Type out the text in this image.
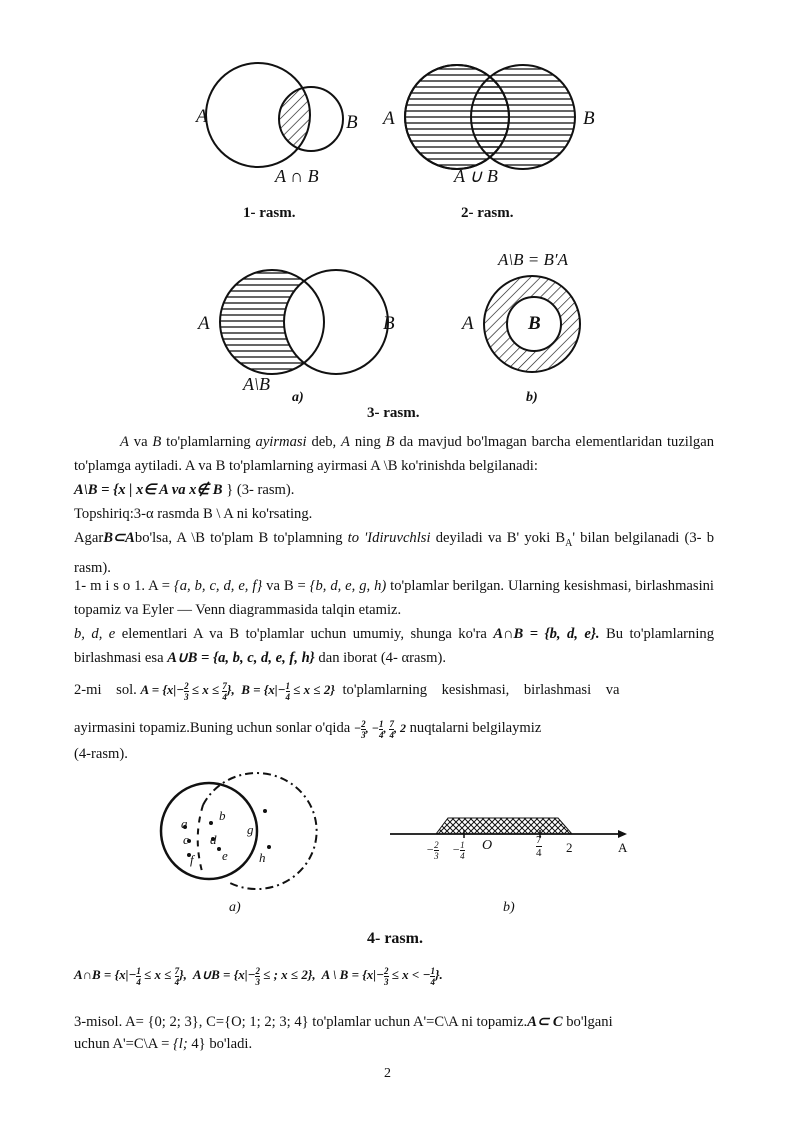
A	B
A ∩ B
1- rasm.
A	B
A ∪ B
2- rasm.
A	B
A\B
a)
A\B = B′A
A	B
b)
3- rasm.
A va B to'plamlarning ayirmasi deb, A ning B da mavjud bo'lmagan barcha elementlaridan tuzilgan to'plamga aytiladi. A va B to'plamlarning ayirmasi A \B ko'rinishda belgilanadi:
A\B = {x | x∈ A va x∉ B } (3- rasm).
Topshiriq:3-α rasmda B \ A ni ko'rsating.
AgarB⊂Abo'lsa, A \B to'plam B to'plamning to 'Idiruvchlsi deyiladi va B' yoki $B_A'$ bilan belgilanadi (3- b rasm).
1- m i s o 1. A = {a, b, c, d, e, f} va B = {b, d, e, g, h) to'plamlar berilgan. Ularning kesishmasi, birlashmasini topamiz va Eyler — Venn diagrammasida talqin etamiz.
b, d, e elementlari A va B to'plamlar uchun umumiy, shunga ko'ra A∩B = {b, d, e}. Bu to'plamlarning birlashmasi esa A∪B = {a, b, c, d, e, f, h} dan iborat (4- αrasm).
2-mi    sol. $A = \{x|- \frac{2}{3} \le x \le \frac{7}{4}$ },  $B = \{x|- \frac{1}{4} \le x \le 2\}$ to'plamlarning    kesishmasi,    birlashmasi    va
ayirmasini topamiz.Buning uchun sonlar o'qida − $\frac{2}{3}$ , − $\frac{1}{4}$ , $\frac{7}{4}$ , 2 nuqtalarni belgilaymiz
(4-rasm).
a
b
c d
e
f
g
h
a)
− $\frac{2}{3} - \frac{1}{4}$ O	$\frac{7}{4} 2$	A
b)
4- rasm.
A∩B = {$x|- \frac{1}{4} \le x \le \frac{7}{4}$ },  A∪B = {$x|- \frac{2}{3}$ ≤ ; x ≤ 2},  A \ $B = \{x|- \frac{2}{3} \le x$ < − $\frac{1}{4}$ }.
3-misol. A= {0; 2; 3}, C={O; 1; 2; 3; 4} to'plamlar uchun A'=C\A ni topamiz.A⊂ C bo'lgani
uchun A'=C\A = {l; 4} bo'ladi.
2
